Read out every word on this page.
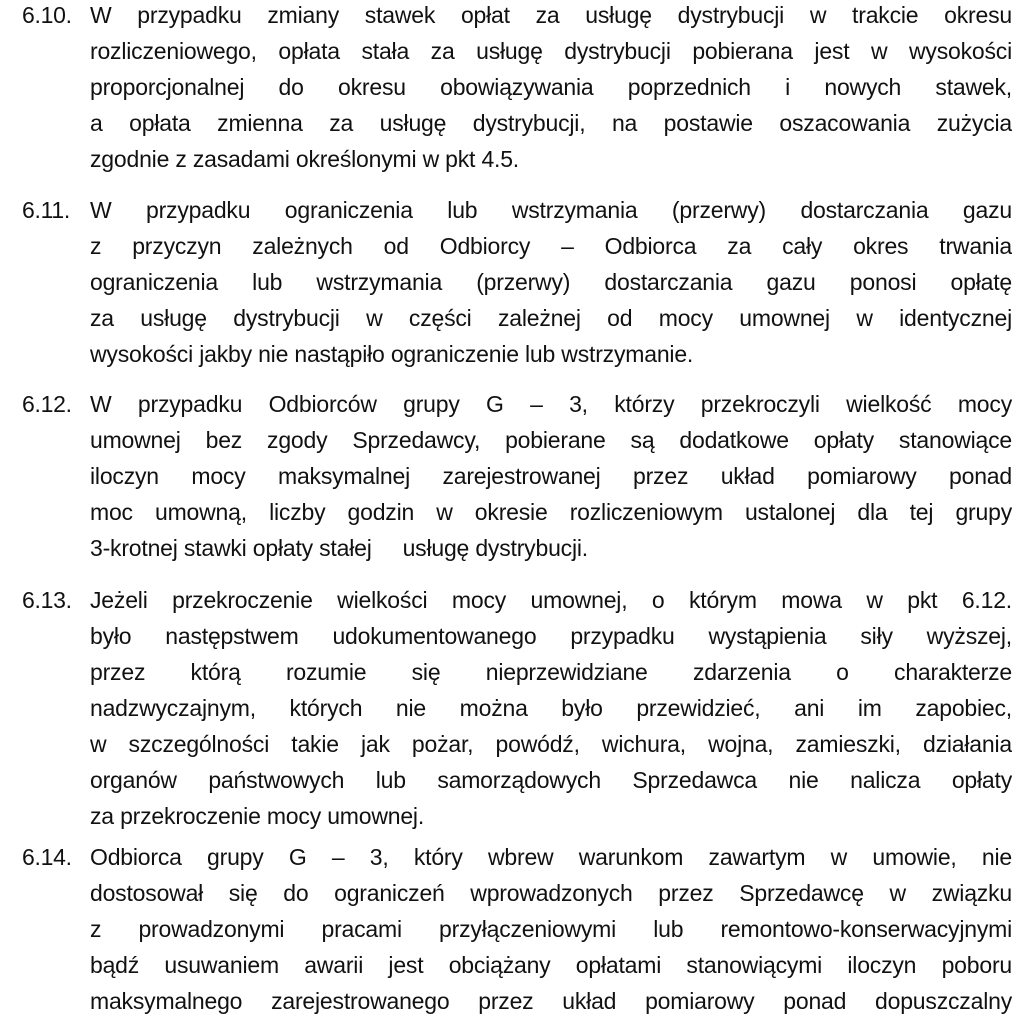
6.10. W przypadku zmiany stawek opłat za usługę dystrybucji w trakcie okresu
rozliczeniowego, opłata stała za usługę dystrybucji pobierana jest w wysokości
proporcjonalnej do okresu obowiązywania poprzednich i nowych stawek,
a opłata zmienna za usługę dystrybucji, na postawie oszacowania zużycia
zgodnie z zasadami określonymi w pkt 4.5.
6.11. W przypadku ograniczenia lub wstrzymania (przerwy) dostarczania gazu
z przyczyn zależnych od Odbiorcy – Odbiorca za cały okres trwania
ograniczenia lub wstrzymania (przerwy) dostarczania gazu ponosi opłatę
za usługę dystrybucji w części zależnej od mocy umownej w identycznej
wysokości jakby nie nastąpiło ograniczenie lub wstrzymanie.
6.12. W przypadku Odbiorców grupy G – 3, którzy przekroczyli wielkość mocy
umownej bez zgody Sprzedawcy, pobierane są dodatkowe opłaty stanowiące
iloczyn mocy maksymalnej zarejestrowanej przez układ pomiarowy ponad
moc umowną, liczby godzin w okresie rozliczeniowym ustalonej dla tej grupy
3-krotnej stawki opłaty stałej     usługę dystrybucji.
6.13. Jeżeli przekroczenie wielkości mocy umownej, o którym mowa w pkt 6.12.
było następstwem udokumentowanego przypadku wystąpienia siły wyższej,
przez którą rozumie się nieprzewidziane zdarzenia o charakterze
nadzwyczajnym, których nie można było przewidzieć, ani im zapobiec,
w szczególności takie jak pożar, powódź, wichura, wojna, zamieszki, działania
organów państwowych lub samorządowych Sprzedawca nie nalicza opłaty
za przekroczenie mocy umownej.
6.14. Odbiorca grupy G – 3, który wbrew warunkom zawartym w umowie, nie
dostosował się do ograniczeń wprowadzonych przez Sprzedawcę w związku
z prowadzonymi pracami przyłączeniowymi lub remontowo-konserwacyjnymi
bądź usuwaniem awarii jest obciążany opłatami stanowiącymi iloczyn poboru
maksymalnego zarejestrowanego przez układ pomiarowy ponad dopuszczalny
